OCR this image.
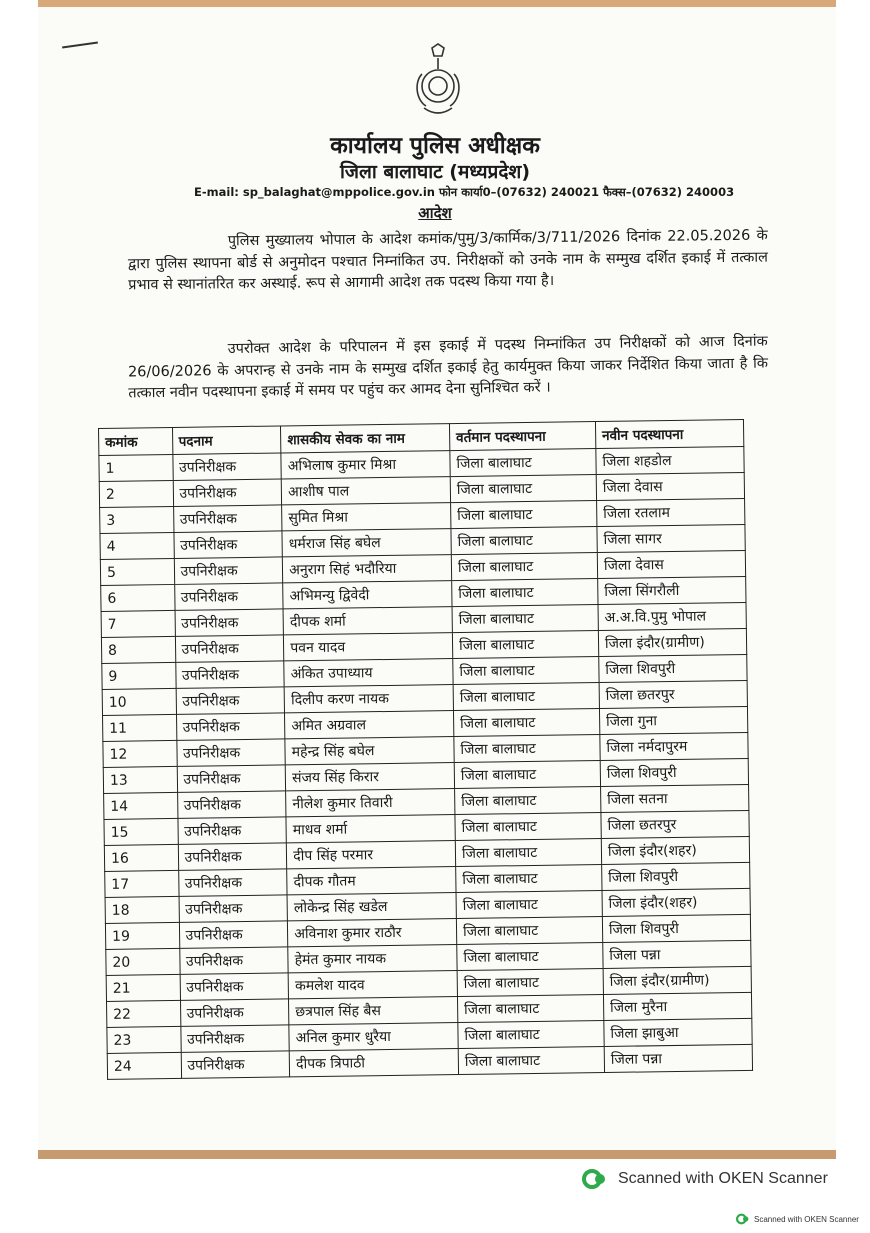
कार्यालय पुलिस अधीक्षक
जिला बालाघाट (मध्यप्रदेश)
E-mail: sp_balaghat@mppolice.gov.in फोन कार्या0–(07632) 240021 फैक्स–(07632) 240003
आदेश
पुलिस मुख्यालय भोपाल के आदेश कमांक/पुमु/3/कार्मिक/3/711/2026 दिनांक 22.05.2026 के द्वारा पुलिस स्थापना बोर्ड से अनुमोदन पश्चात निम्नांकित उप. निरीक्षकों को उनके नाम के सम्मुख दर्शित इकाई में तत्काल प्रभाव से स्थानांतरित कर अस्थाई. रूप से आगामी आदेश तक पदस्थ किया गया है।
उपरोक्त आदेश के परिपालन में इस इकाई में पदस्थ निम्नांकित उप निरीक्षकों को आज दिनांक 26/06/2026 के अपरान्ह से उनके नाम के सम्मुख दर्शित इकाई हेतु कार्यमुक्त किया जाकर निर्देशित किया जाता है कि तत्काल नवीन पदस्थापना इकाई में समय पर पहुंच कर आमद देना सुनिश्चित करें ।
कमांक	पदनाम	शासकीय सेवक का नाम	वर्तमान पदस्थापना	नवीन पदस्थापना
1	उपनिरीक्षक	अभिलाष कुमार मिश्रा	जिला बालाघाट	जिला शहडोल
2	उपनिरीक्षक	आशीष पाल	जिला बालाघाट	जिला देवास
3	उपनिरीक्षक	सुमित मिश्रा	जिला बालाघाट	जिला रतलाम
4	उपनिरीक्षक	धर्मराज सिंह बघेल	जिला बालाघाट	जिला सागर
5	उपनिरीक्षक	अनुराग सिहं भदौरिया	जिला बालाघाट	जिला देवास
6	उपनिरीक्षक	अभिमन्यु द्विवेदी	जिला बालाघाट	जिला सिंगरौली
7	उपनिरीक्षक	दीपक शर्मा	जिला बालाघाट	अ.अ.वि.पुमु भोपाल
8	उपनिरीक्षक	पवन यादव	जिला बालाघाट	जिला इंदौर(ग्रामीण)
9	उपनिरीक्षक	अंकित उपाध्याय	जिला बालाघाट	जिला शिवपुरी
10	उपनिरीक्षक	दिलीप करण नायक	जिला बालाघाट	जिला छतरपुर
11	उपनिरीक्षक	अमित अग्रवाल	जिला बालाघाट	जिला गुना
12	उपनिरीक्षक	महेन्द्र सिंह बघेल	जिला बालाघाट	जिला नर्मदापुरम
13	उपनिरीक्षक	संजय सिंह किरार	जिला बालाघाट	जिला शिवपुरी
14	उपनिरीक्षक	नीलेश कुमार तिवारी	जिला बालाघाट	जिला सतना
15	उपनिरीक्षक	माधव शर्मा	जिला बालाघाट	जिला छतरपुर
16	उपनिरीक्षक	दीप सिंह परमार	जिला बालाघाट	जिला इंदौर(शहर)
17	उपनिरीक्षक	दीपक गौतम	जिला बालाघाट	जिला शिवपुरी
18	उपनिरीक्षक	लोकेन्द्र सिंह खडेल	जिला बालाघाट	जिला इंदौर(शहर)
19	उपनिरीक्षक	अविनाश कुमार राठौर	जिला बालाघाट	जिला शिवपुरी
20	उपनिरीक्षक	हेमंत कुमार नायक	जिला बालाघाट	जिला पन्ना
21	उपनिरीक्षक	कमलेश यादव	जिला बालाघाट	जिला इंदौर(ग्रामीण)
22	उपनिरीक्षक	छत्रपाल सिंह बैस	जिला बालाघाट	जिला मुरैना
23	उपनिरीक्षक	अनिल कुमार धुरैया	जिला बालाघाट	जिला झाबुआ
24	उपनिरीक्षक	दीपक त्रिपाठी	जिला बालाघाट	जिला पन्ना
Scanned with OKEN Scanner
Scanned with OKEN Scanner
